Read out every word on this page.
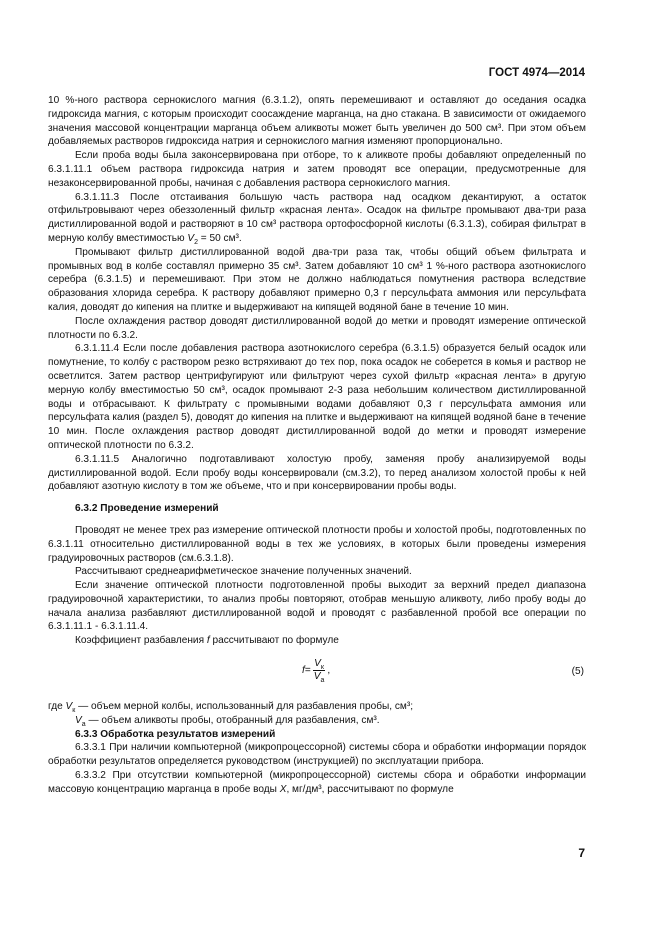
ГОСТ 4974—2014

10 %-ного раствора сернокислого магния (6.3.1.2), опять перемешивают и оставляют до оседания осадка гидроксида магния, с которым происходит соосаждение марганца, на дно стакана. В зависимости от ожидаемого значения массовой концентрации марганца объем аликвоты может быть увеличен до 500 см³. При этом объем добавляемых растворов гидроксида натрия и сернокислого магния изменяют пропорционально.

Если проба воды была законсервирована при отборе, то к аликвоте пробы добавляют определенный по 6.3.1.11.1 объем раствора гидроксида натрия и затем проводят все операции, предусмотренные для незаконсервированной пробы, начиная с добавления раствора сернокислого магния.

6.3.1.11.3 После отстаивания большую часть раствора над осадком декантируют, а остаток отфильтровывают через обеззоленный фильтр «красная лента». Осадок на фильтре промывают два-три раза дистиллированной водой и растворяют в 10 см³ раствора ортофосфорной кислоты (6.3.1.3), собирая фильтрат в мерную колбу вместимостью $V_2 = 50$ см³.

Промывают фильтр дистиллированной водой два-три раза так, чтобы общий объем фильтрата и промывных вод в колбе составлял примерно 35 см³. Затем добавляют 10 см³ 1 %-ного раствора азотнокислого серебра (6.3.1.5) и перемешивают. При этом не должно наблюдаться помутнения раствора вследствие образования хлорида серебра. К раствору добавляют примерно 0,3 г персульфата аммония или персульфата калия, доводят до кипения на плитке и выдерживают на кипящей водяной бане в течение 10 мин.

После охлаждения раствор доводят дистиллированной водой до метки и проводят измерение оптической плотности по 6.3.2.

6.3.1.11.4 Если после добавления раствора азотнокислого серебра (6.3.1.5) образуется белый осадок или помутнение, то колбу с раствором резко встряхивают до тех пор, пока осадок не соберется в комья и раствор не осветлится. Затем раствор центрифугируют или фильтруют через сухой фильтр «красная лента» в другую мерную колбу вместимостью 50 см³, осадок промывают 2-3 раза небольшим количеством дистиллированной воды и отбрасывают. К фильтрату с промывными водами добавляют 0,3 г персульфата аммония или персульфата калия (раздел 5), доводят до кипения на плитке и выдерживают на кипящей водяной бане в течение 10 мин. После охлаждения раствор доводят дистиллированной водой до метки и проводят измерение оптической плотности по 6.3.2.

6.3.1.11.5 Аналогично подготавливают холостую пробу, заменяя пробу анализируемой воды дистиллированной водой. Если пробу воды консервировали (см.3.2), то перед анализом холостой пробы к ней добавляют азотную кислоту в том же объеме, что и при консервировании пробы воды.

6.3.2 Проведение измерений

Проводят не менее трех раз измерение оптической плотности пробы и холостой пробы, подготовленных по 6.3.1.11 относительно дистиллированной воды в тех же условиях, в которых были проведены измерения градуировочных растворов (см.6.3.1.8).

Рассчитывают среднеарифметическое значение полученных значений.

Если значение оптической плотности подготовленной пробы выходит за верхний предел диапазона градуировочной характеристики, то анализ пробы повторяют, отобрав меньшую аликвоту, либо пробу воды до начала анализа разбавляют дистиллированной водой и проводят с разбавленной пробой все операции по 6.3.1.11.1 - 6.3.1.11.4.

Коэффициент разбавления f рассчитывают по формуле

$f = \frac{V_к}{V_а}$ ,	(5)

где $V_к$ — объем мерной колбы, использованный для разбавления пробы, см³;

$V_а$ — объем аликвоты пробы, отобранный для разбавления, см³.

6.3.3 Обработка результатов измерений

6.3.3.1 При наличии компьютерной (микропроцессорной) системы сбора и обработки информации порядок обработки результатов определяется руководством (инструкцией) по эксплуатации прибора.

6.3.3.2 При отсутствии компьютерной (микропроцессорной) системы сбора и обработки информации массовую концентрацию марганца в пробе воды X, мг/дм³, рассчитывают по формуле

7
